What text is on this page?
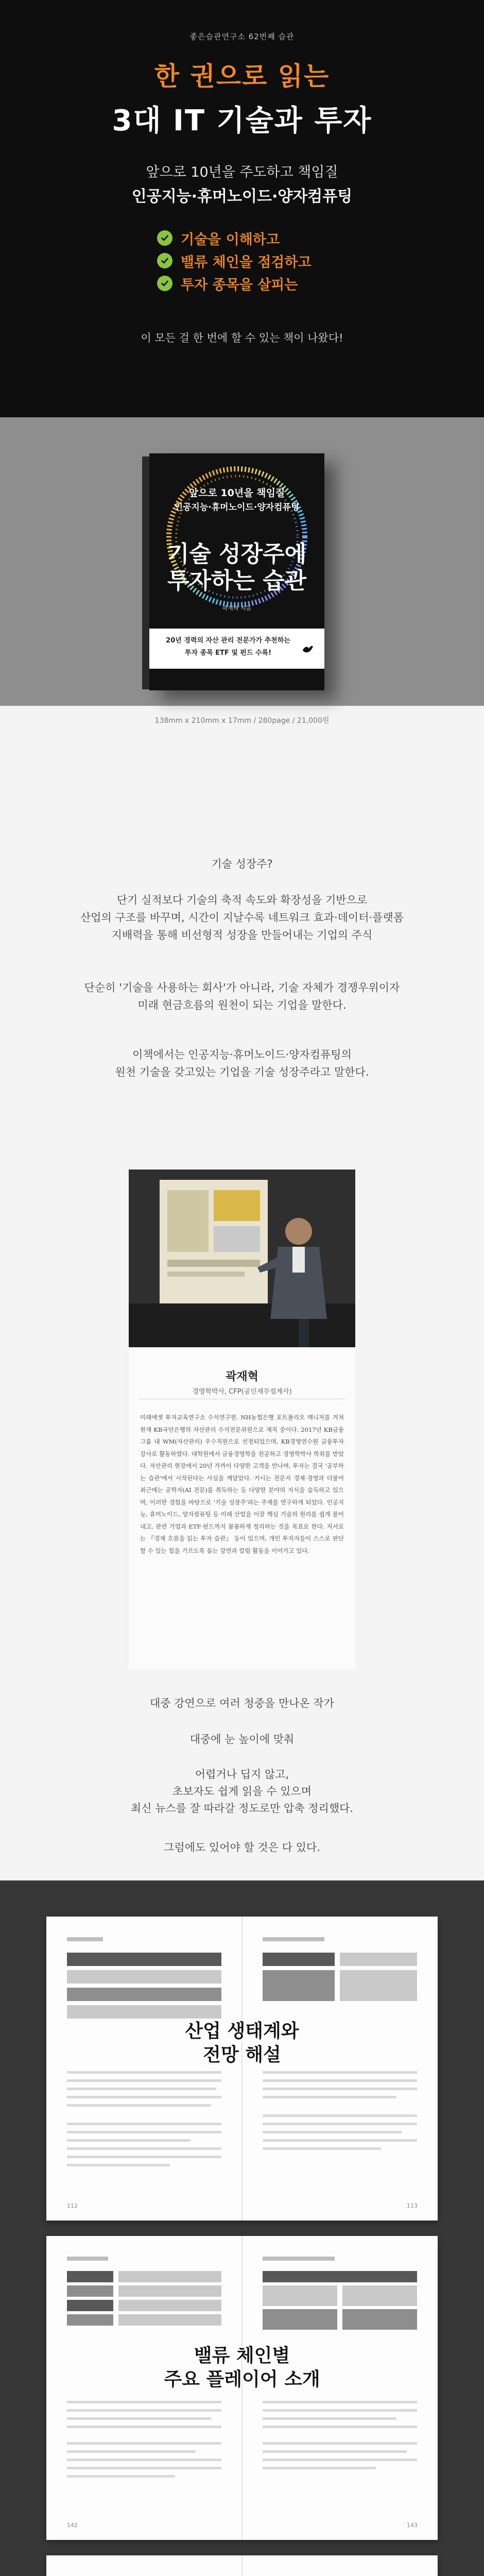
좋은습관연구소 62번째 습관
한 권으로 읽는
3대 IT 기술과 투자
앞으로 10년을 주도하고 책임질
인공지능·휴머노이드·양자컴퓨팅
기술을 이해하고
밸류 체인을 점검하고
투자 종목을 살피는
이 모든 걸 한 번에 할 수 있는 책이 나왔다!
앞으로 10년을 책임질
인공지능·휴머노이드·양자컴퓨팅
기술 성장주에
투자하는 습관
곽재혁 지음
20년 경력의 자산 관리 전문가가 추천하는
투자 종목 ETF 및 펀드 수록!
138mm x 210mm x 17mm / 280page / 21,000원

기술 성장주?

단기 실적보다 기술의 축적 속도와 확장성을 기반으로
산업의 구조를 바꾸며, 시간이 지날수록 네트워크 효과·데이터·플랫폼
지배력을 통해 비선형적 성장을 만들어내는 기업의 주식

단순히 '기술을 사용하는 회사'가 아니라, 기술 자체가 경쟁우위이자
미래 현금흐름의 원천이 되는 기업을 말한다.

이책에서는 인공지능·휴머노이드·양자컴퓨팅의
원천 기술을 갖고있는 기업을 기술 성장주라고 말한다.

곽재혁
경영학박사, CFP(공인재무설계사)
미래에셋 투자교육연구소 수석연구원. NH농협은행 포트폴리오 매니저를 거쳐 현재 KB국민은행의 자산관리 수석전문위원으로 재직 중이다. 2017년 KB금융그룹 내 WM(자산관리) 우수직원으로 선정되었으며, KB경영연수원 금융투자강사로 활동하였다. 대학원에서 금융경영학을 전공하고 경영학박사 학위를 받았다. 자산관리 현장에서 20년 가까이 다양한 고객을 만나며, 투자는 결국 '공부하는 습관'에서 시작된다는 사실을 깨달았다. 거시는 전문지 경제·경영과 더불어 최근에는 공학자(AI 전문)를 취득하는 등 다양한 분야의 지식을 습득하고 있으며, 이러한 경험을 바탕으로 '기술 성장주'라는 주제를 연구하게 되었다. 인공지능, 휴머노이드, 양자컴퓨팅 등 미래 산업을 이끌 핵심 기술의 원리를 쉽게 풀어내고, 관련 기업과 ETF·펀드까지 꼼꼼하게 정리하는 것을 목표로 한다. 저서로는 『경제 흐름을 읽는 투자 습관』 등이 있으며, 개인 투자자들이 스스로 판단할 수 있는 힘을 기르도록 돕는 강연과 칼럼 활동을 이어가고 있다.

대중 강연으로 여러 청중을 만나온 작가

대중에 눈 높이에 맞춰

어렵거나 딥지 않고,
초보자도 쉽게 읽을 수 있으며
최신 뉴스를 잘 따라갈 정도로만 압축 정리했다.

그럼에도 있어야 할 것은 다 있다.

112	113
산업 생태계와
전망 해설
142	143
밸류 체인별
주요 플레이어 소개
